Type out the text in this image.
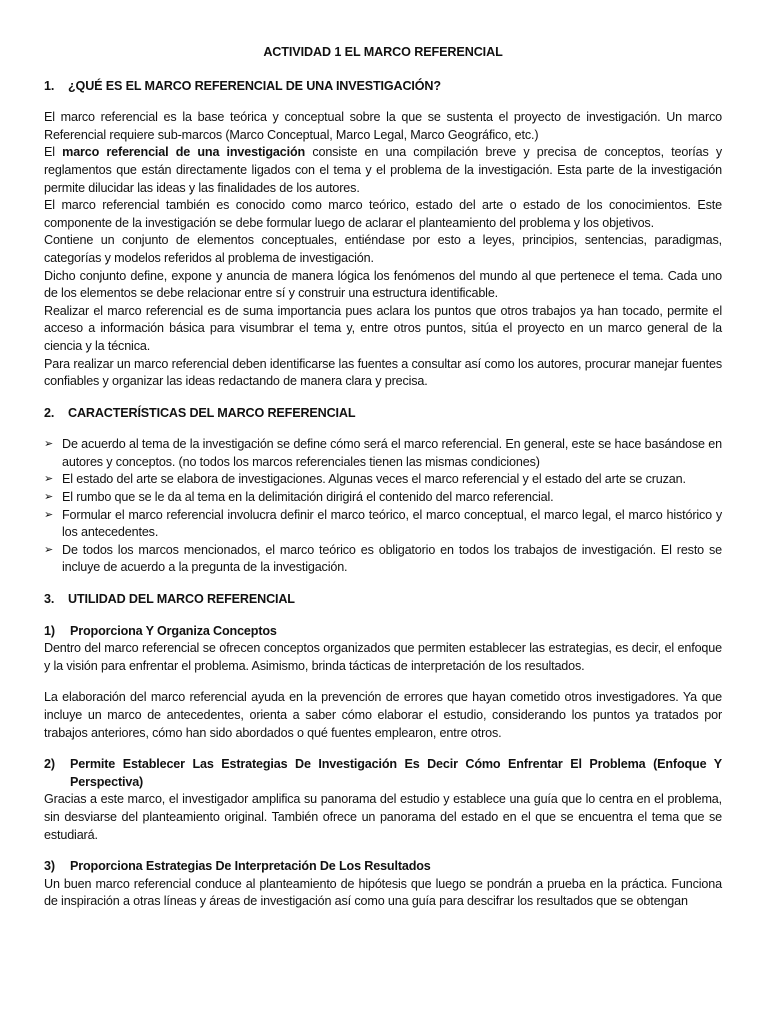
ACTIVIDAD 1 EL MARCO REFERENCIAL
1.	¿QUÉ ES EL MARCO REFERENCIAL DE UNA INVESTIGACIÓN?

El marco referencial es la base teórica y conceptual sobre la que se sustenta el proyecto de investigación. Un marco Referencial requiere sub-marcos (Marco Conceptual, Marco Legal, Marco Geográfico, etc.)

El marco referencial de una investigación consiste en una compilación breve y precisa de conceptos, teorías y reglamentos que están directamente ligados con el tema y el problema de la investigación. Esta parte de la investigación permite dilucidar las ideas y las finalidades de los autores.

El marco referencial también es conocido como marco teórico, estado del arte o estado de los conocimientos. Este componente de la investigación se debe formular luego de aclarar el planteamiento del problema y los objetivos.

Contiene un conjunto de elementos conceptuales, entiéndase por esto a leyes, principios, sentencias, paradigmas, categorías y modelos referidos al problema de investigación.

Dicho conjunto define, expone y anuncia de manera lógica los fenómenos del mundo al que pertenece el tema. Cada uno de los elementos se debe relacionar entre sí y construir una estructura identificable.

Realizar el marco referencial es de suma importancia pues aclara los puntos que otros trabajos ya han tocado, permite el acceso a información básica para visumbrar el tema y, entre otros puntos, sitúa el proyecto en un marco general de la ciencia y la técnica.

Para realizar un marco referencial deben identificarse las fuentes a consultar así como los autores, procurar manejar fuentes confiables y organizar las ideas redactando de manera clara y precisa.

2.	CARACTERÍSTICAS DEL MARCO REFERENCIAL
➢ De acuerdo al tema de la investigación se define cómo será el marco referencial. En general, este se hace basándose en autores y conceptos. (no todos los marcos referenciales tienen las mismas condiciones)
➢ El estado del arte se elabora de investigaciones. Algunas veces el marco referencial y el estado del arte se cruzan.
➢ El rumbo que se le da al tema en la delimitación dirigirá el contenido del marco referencial.
➢ Formular el marco referencial involucra definir el marco teórico, el marco conceptual, el marco legal, el marco histórico y los antecedentes.
➢ De todos los marcos mencionados, el marco teórico es obligatorio en todos los trabajos de investigación. El resto se incluye de acuerdo a la pregunta de la investigación.
3.	UTILIDAD DEL MARCO REFERENCIAL
1)	Proporciona Y Organiza Conceptos

Dentro del marco referencial se ofrecen conceptos organizados que permiten establecer las estrategias, es decir, el enfoque y la visión para enfrentar el problema. Asimismo, brinda tácticas de interpretación de los resultados.

La elaboración del marco referencial ayuda en la prevención de errores que hayan cometido otros investigadores. Ya que incluye un marco de antecedentes, orienta a saber cómo elaborar el estudio, considerando los puntos ya tratados por trabajos anteriores, cómo han sido abordados o qué fuentes emplearon, entre otros.

2)	Permite Establecer Las Estrategias De Investigación Es Decir Cómo Enfrentar El Problema (Enfoque Y Perspectiva)

Gracias a este marco, el investigador amplifica su panorama del estudio y establece una guía que lo centra en el problema, sin desviarse del planteamiento original. También ofrece un panorama del estado en el que se encuentra el tema que se estudiará.

3)	Proporciona Estrategias De Interpretación De Los Resultados

Un buen marco referencial conduce al planteamiento de hipótesis que luego se pondrán a prueba en la práctica. Funciona de inspiración a otras líneas y áreas de investigación así como una guía para descifrar los resultados que se obtengan
